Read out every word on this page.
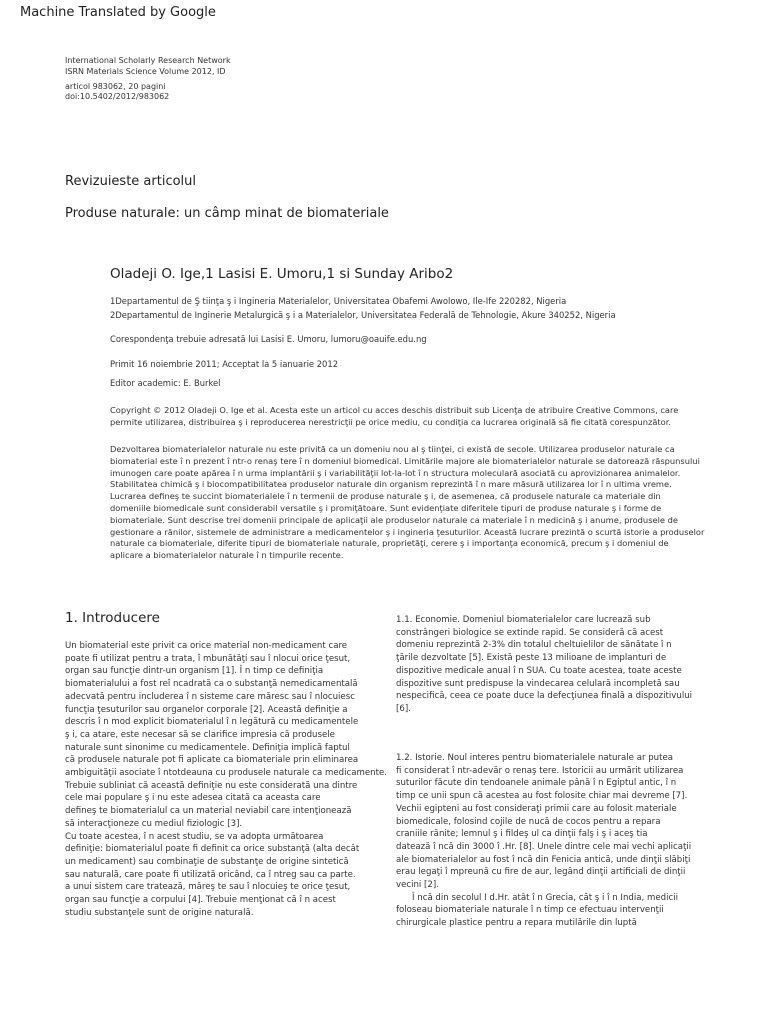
Machine Translated by Google
International Scholarly Research Network
ISRN Materials Science Volume 2012, ID
articol 983062, 20 pagini
doi:10.5402/2012/983062
Revizuieste articolul
Produse naturale: un câmp minat de biomateriale
Oladeji O. Ige,1 Lasisi E. Umoru,1 si Sunday Aribo2
1Departamentul de Ş tiinţa ş i Ingineria Materialelor, Universitatea Obafemi Awolowo, Ile-Ife 220282, Nigeria
2Departamentul de Inginerie Metalurgică ş i a Materialelor, Universitatea Federală de Tehnologie, Akure 340252, Nigeria
Corespondenţa trebuie adresată lui Lasisi E. Umoru, lumoru@oauife.edu.ng
Primit 16 noiembrie 2011; Acceptat la 5 ianuarie 2012
Editor academic: E. Burkel
Copyright © 2012 Oladeji O. Ige et al. Acesta este un articol cu acces deschis distribuit sub Licenţa de atribuire Creative Commons, care
permite utilizarea, distribuirea ş i reproducerea nerestricţii pe orice mediu, cu condiţia ca lucrarea originală să fie citată corespunzător.
Dezvoltarea biomaterialelor naturale nu este privită ca un domeniu nou al ş tiinţei, ci există de secole. Utilizarea produselor naturale ca
biomaterial este î n prezent î ntr-o renaş tere î n domeniul biomedical. Limitările majore ale biomaterialelor naturale se datorează răspunsului
imunogen care poate apărea î n urma implantării ş i variabilităţii lot-la-lot î n structura moleculară asociată cu aprovizionarea animalelor.
Stabilitatea chimică ş i biocompatibilitatea produselor naturale din organism reprezintă î n mare măsură utilizarea lor î n ultima vreme.
Lucrarea defineş te succint biomaterialele î n termenii de produse naturale ş i, de asemenea, că produsele naturale ca materiale din
domeniile biomedicale sunt considerabil versatile ş i promiţătoare. Sunt evidenţiate diferitele tipuri de produse naturale ş i forme de
biomateriale. Sunt descrise trei domenii principale de aplicaţii ale produselor naturale ca materiale î n medicină ş i anume, produsele de
gestionare a rănilor, sistemele de administrare a medicamentelor ş i ingineria ţesuturilor. Această lucrare prezintă o scurtă istorie a produselor
naturale ca biomateriale, diferite tipuri de biomateriale naturale, proprietăţi, cerere ş i importanţa economică, precum ş i domeniul de
aplicare a biomaterialelor naturale î n timpurile recente.
1. Introducere
Un biomaterial este privit ca orice material non-medicament care
poate fi utilizat pentru a trata, î mbunătăţi sau î nlocui orice ţesut,
organ sau funcţie dintr-un organism [1]. Î n timp ce definiţia
biomaterialului a fost reî ncadrată ca o substanţă nemedicamentală
adecvată pentru includerea î n sisteme care măresc sau î nlocuiesc
funcţia ţesuturilor sau organelor corporale [2]. Această definiţie a
descris î n mod explicit biomaterialul î n legătură cu medicamentele
ş i, ca atare, este necesar să se clarifice impresia că produsele
naturale sunt sinonime cu medicamentele. Definiţia implică faptul
că produsele naturale pot fi aplicate ca biomateriale prin eliminarea
ambiguităţii asociate î ntotdeauna cu produsele naturale ca medicamente.
Trebuie subliniat că această definiţie nu este considerată una dintre
cele mai populare ş i nu este adesea citată ca aceasta care
defineş te biomaterialul ca un material neviabil care intenţionează
să interacţioneze cu mediul fiziologic [3].
Cu toate acestea, î n acest studiu, se va adopta următoarea
definiţie: biomaterialul poate fi definit ca orice substanţă (alta decât
un medicament) sau combinaţie de substanţe de origine sintetică
sau naturală, care poate fi utilizată oricând, ca î ntreg sau ca parte.
a unui sistem care tratează, măreş te sau î nlocuieş te orice ţesut,
organ sau funcţie a corpului [4]. Trebuie menţionat că î n acest
studiu substanţele sunt de origine naturală.
1.1. Economie. Domeniul biomaterialelor care lucrează sub
constrângeri biologice se extinde rapid. Se consideră că acest
domeniu reprezintă 2-3% din totalul cheltuielilor de sănătate î n
ţările dezvoltate [5]. Există peste 13 milioane de implanturi de
dispozitive medicale anual î n SUA. Cu toate acestea, toate aceste
dispozitive sunt predispuse la vindecarea celulară incompletă sau
nespecifică, ceea ce poate duce la defecţiunea finală a dispozitivului
[6].
1.2. Istorie. Noul interes pentru biomaterialele naturale ar putea
fi considerat î ntr-adevăr o renaş tere. Istoricii au urmărit utilizarea
suturilor făcute din tendoanele animale până î n Egiptul antic, î n
timp ce unii spun că acestea au fost folosite chiar mai devreme [7].
Vechii egipteni au fost consideraţi primii care au folosit materiale
biomedicale, folosind cojile de nucă de cocos pentru a repara
craniile rănite; lemnul ş i fildeş ul ca dinţii falş i ş i aceş tia
datează î ncă din 3000 î .Hr. [8]. Unele dintre cele mai vechi aplicaţii
ale biomaterialelor au fost î ncă din Fenicia antică, unde dinţii slăbiţi
erau legaţi î mpreună cu fire de aur, legând dinţii artificiali de dinţii
vecini [2].
Î ncă din secolul I d.Hr. atât î n Grecia, cât ş i î n India, medicii
foloseau biomateriale naturale î n timp ce efectuau intervenţii
chirurgicale plastice pentru a repara mutilările din luptă
